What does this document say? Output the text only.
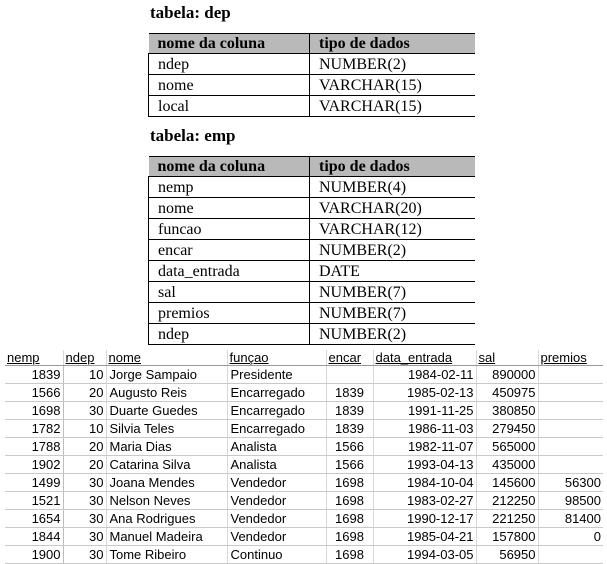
tabela: dep
nome da coluna	tipo de dados
ndep	NUMBER(2)
nome	VARCHAR(15)
local	VARCHAR(15)
tabela: emp
nome da coluna	tipo de dados
nemp	NUMBER(4)
nome	VARCHAR(20)
funcao	VARCHAR(12)
encar	NUMBER(2)
data_entrada	DATE
sal	NUMBER(7)
premios	NUMBER(7)
ndep	NUMBER(2)
nemp	ndep	nome	funçao	encar	data_entrada	sal	premios
1839	10	Jorge Sampaio	Presidente		1984-02-11	890000	
1566	20	Augusto Reis	Encarregado	1839	1985-02-13	450975	
1698	30	Duarte Guedes	Encarregado	1839	1991-11-25	380850	
1782	10	Silvia Teles	Encarregado	1839	1986-11-03	279450	
1788	20	Maria Dias	Analista	1566	1982-11-07	565000	
1902	20	Catarina Silva	Analista	1566	1993-04-13	435000	
1499	30	Joana Mendes	Vendedor	1698	1984-10-04	145600	56300
1521	30	Nelson Neves	Vendedor	1698	1983-02-27	212250	98500
1654	30	Ana Rodrigues	Vendedor	1698	1990-12-17	221250	81400
1844	30	Manuel Madeira	Vendedor	1698	1985-04-21	157800	0
1900	30	Tome Ribeiro	Continuo	1698	1994-03-05	56950	
